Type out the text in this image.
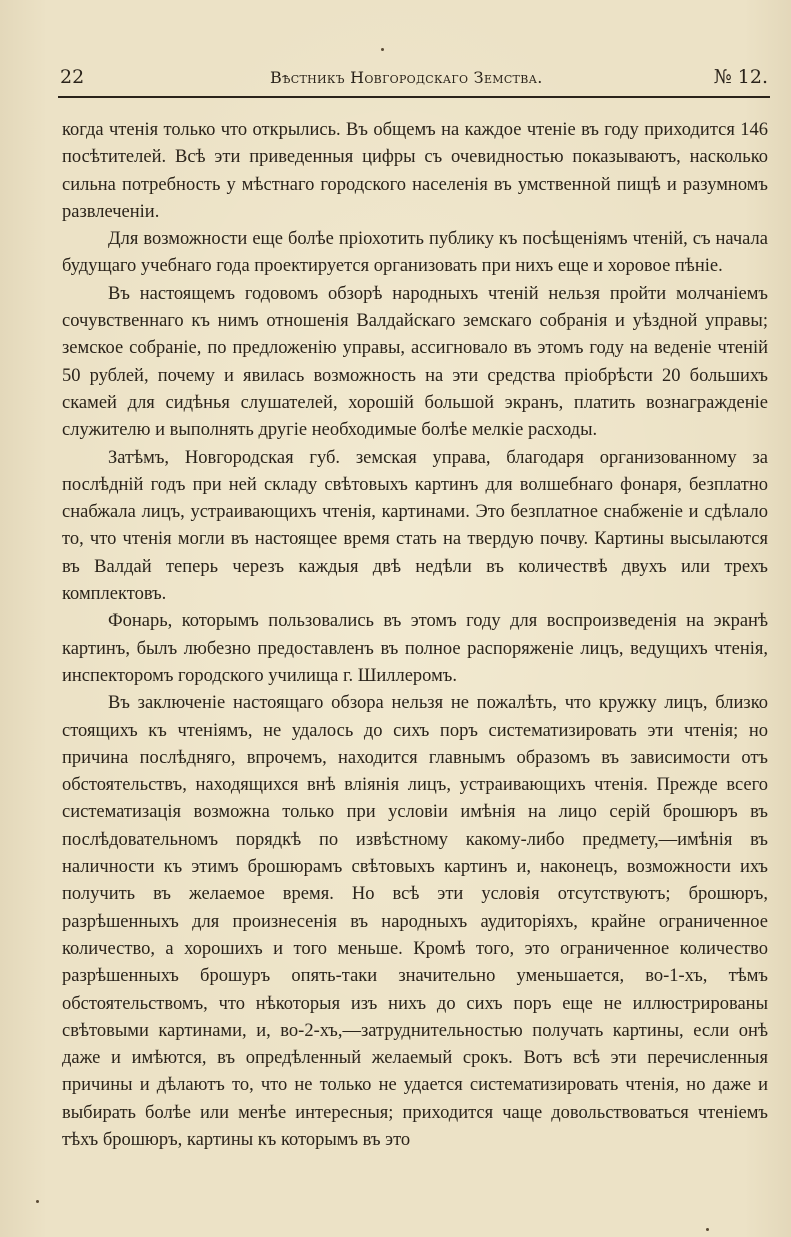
22	Вѣстникъ Новгородскаго Земства.	№ 12.

когда чтенія только что открылись. Въ общемъ на каждое чтеніе въ году приходится 146 посѣтителей. Всѣ эти приведенныя цифры съ очевидностью показываютъ, насколько сильна потребность у мѣстнаго городского населенія въ умственной пищѣ и разумномъ развлеченіи.

Для возможности еще болѣе пріохотить публику къ посѣщеніямъ чтеній, съ начала будущаго учебнаго года проектируется организовать при нихъ еще и хоровое пѣніе.

Въ настоящемъ годовомъ обзорѣ народныхъ чтеній нельзя пройти молчаніемъ сочувственнаго къ нимъ отношенія Валдайскаго земскаго собранія и уѣздной управы; земское собраніе, по предложенію управы, ассигновало въ этомъ году на веденіе чтеній 50 рублей, почему и явилась возможность на эти средства пріобрѣсти 20 большихъ скамей для сидѣнья слушателей, хорошій большой экранъ, платить вознагражденіе служителю и выполнять другіе необходимые болѣе мелкіе расходы.

Затѣмъ, Новгородская губ. земская управа, благодаря организованному за послѣдній годъ при ней складу свѣтовыхъ картинъ для волшебнаго фонаря, безплатно снабжала лицъ, устраивающихъ чтенія, картинами. Это безплатное снабженіе и сдѣлало то, что чтенія могли въ настоящее время стать на твердую почву. Картины высылаются въ Валдай теперь черезъ каждыя двѣ недѣли въ количествѣ двухъ или трехъ комплектовъ.

Фонарь, которымъ пользовались въ этомъ году для воспроизведенія на экранѣ картинъ, былъ любезно предоставленъ въ полное распоряженіе лицъ, ведущихъ чтенія, инспекторомъ городского училища г. Шиллеромъ.

Въ заключеніе настоящаго обзора нельзя не пожалѣть, что кружку лицъ, близко стоящихъ къ чтеніямъ, не удалось до сихъ поръ систематизировать эти чтенія; но причина послѣдняго, впрочемъ, находится главнымъ образомъ въ зависимости отъ обстоятельствъ, находящихся внѣ вліянія лицъ, устраивающихъ чтенія. Прежде всего систематизація возможна только при условіи имѣнія на лицо серій брошюръ въ послѣдовательномъ порядкѣ по извѣстному какому-либо предмету,—имѣнія въ наличности къ этимъ брошюрамъ свѣтовыхъ картинъ и, наконецъ, возможности ихъ получить въ желаемое время. Но всѣ эти условія отсутствуютъ; брошюръ, разрѣшенныхъ для произнесенія въ народныхъ аудиторіяхъ, крайне ограниченное количество, а хорошихъ и того меньше. Кромѣ того, это ограниченное количество разрѣшенныхъ брошуръ опять-таки значительно уменьшается, во-1-хъ, тѣмъ обстоятельствомъ, что нѣкоторыя изъ нихъ до сихъ поръ еще не иллюстрированы свѣтовыми картинами, и, во-2-хъ,—затруднительностью получать картины, если онѣ даже и имѣются, въ опредѣленный желаемый срокъ. Вотъ всѣ эти перечисленныя причины и дѣлаютъ то, что не только не удается систематизировать чтенія, но даже и выбирать болѣе или менѣе интересныя; приходится чаще довольствоваться чтеніемъ тѣхъ брошюръ, картины къ которымъ въ это
